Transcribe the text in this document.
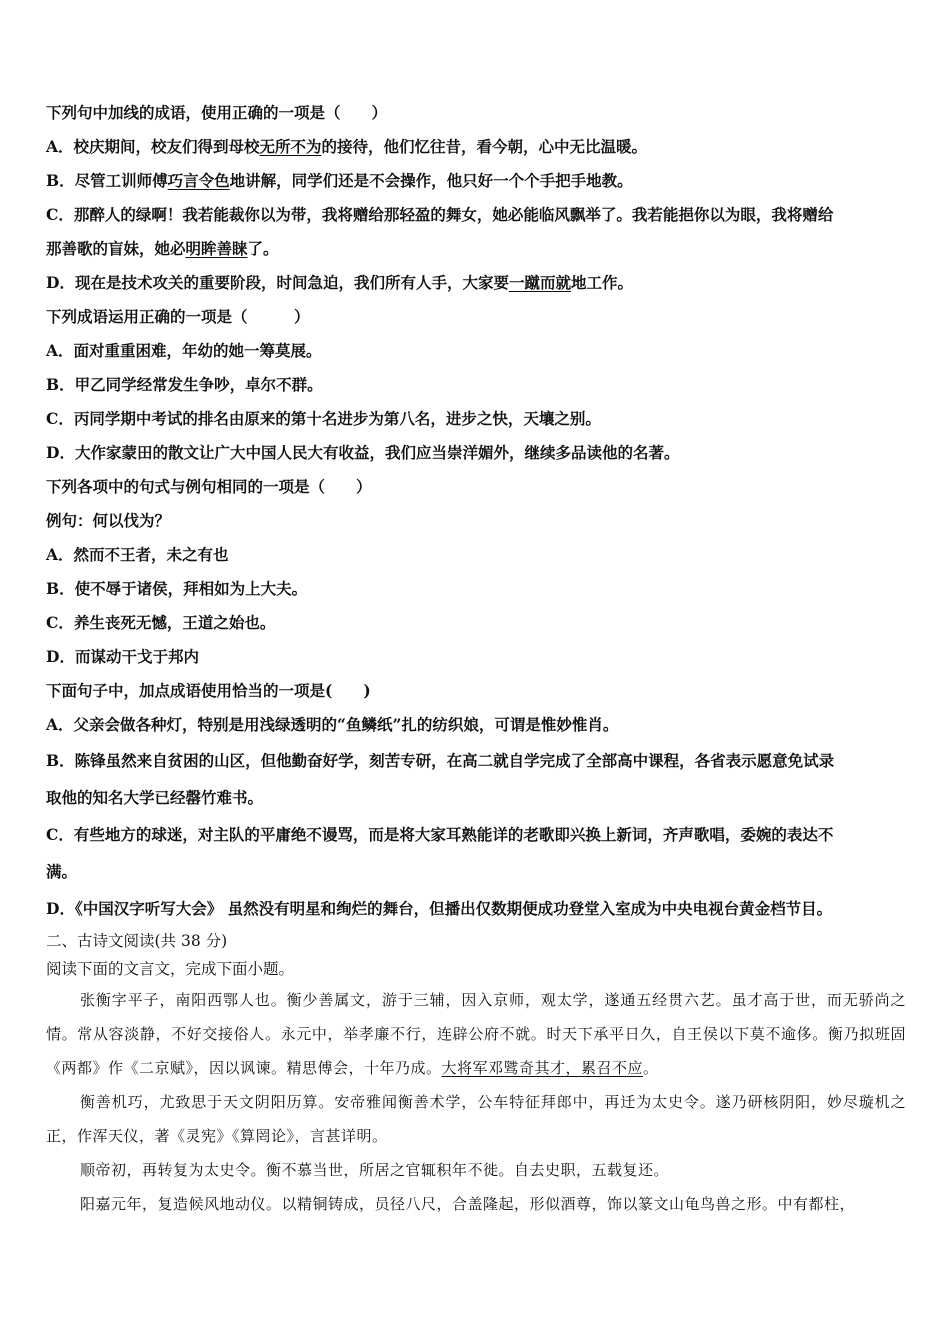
下列句中加线的成语，使用正确的一项是（　　）
A．校庆期间，校友们得到母校无所不为的接待，他们忆往昔，看今朝，心中无比温暖。
B．尽管工训师傅巧言令色地讲解，同学们还是不会操作，他只好一个个手把手地教。
C．那醉人的绿啊！我若能裁你以为带，我将赠给那轻盈的舞女，她必能临风飘举了。我若能挹你以为眼，我将赠给
那善歌的盲妹，她必明眸善睐了。
D．现在是技术攻关的重要阶段，时间急迫，我们所有人手，大家要一蹴而就地工作。
下列成语运用正确的一项是（　　　）
A．面对重重困难，年幼的她一筹莫展。
B．甲乙同学经常发生争吵，卓尔不群。
C．丙同学期中考试的排名由原来的第十名进步为第八名，进步之快，天壤之别。
D．大作家蒙田的散文让广大中国人民大有收益，我们应当崇洋媚外，继续多品读他的名著。
下列各项中的句式与例句相同的一项是（　　）
例句：何以伐为？
A．然而不王者，未之有也
B．使不辱于诸侯，拜相如为上大夫。
C．养生丧死无憾，王道之始也。
D．而谋动干戈于邦内
下面句子中，加点成语使用恰当的一项是(　　)
A．父亲会做各种灯，特别是用浅绿透明的“鱼鳞纸”扎的纺织娘，可谓是惟妙惟肖。
B．陈锋虽然来自贫困的山区，但他勤奋好学，刻苦专研，在高二就自学完成了全部高中课程，各省表示愿意免试录
取他的知名大学已经罄竹难书。
C．有些地方的球迷，对主队的平庸绝不谩骂，而是将大家耳熟能详的老歌即兴换上新词，齐声歌唱，委婉的表达不
满。
D．《中国汉字听写大会》 虽然没有明星和绚烂的舞台，但播出仅数期便成功登堂入室成为中央电视台黄金档节目。
二、古诗文阅读(共 38 分)
阅读下面的文言文，完成下面小题。
张衡字平子，南阳西鄂人也。衡少善属文，游于三辅，因入京师，观太学，遂通五经贯六艺。虽才高于世，而无骄尚之情。常从容淡静，不好交接俗人。永元中，举孝廉不行，连辟公府不就。时天下承平日久，自王侯以下莫不逾侈。衡乃拟班固《两都》作《二京赋》，因以讽谏。精思傅会，十年乃成。大将军邓骘奇其才，累召不应。
衡善机巧，尤致思于天文阴阳历算。安帝雅闻衡善术学，公车特征拜郎中，再迁为太史令。遂乃研核阴阳，妙尽璇机之正，作浑天仪，著《灵宪》《算罔论》，言甚详明。
顺帝初，再转复为太史令。衡不慕当世，所居之官辄积年不徙。自去史职，五载复还。
阳嘉元年，复造候风地动仪。以精铜铸成，员径八尺，合盖隆起，形似酒尊，饰以篆文山龟鸟兽之形。中有都柱，
